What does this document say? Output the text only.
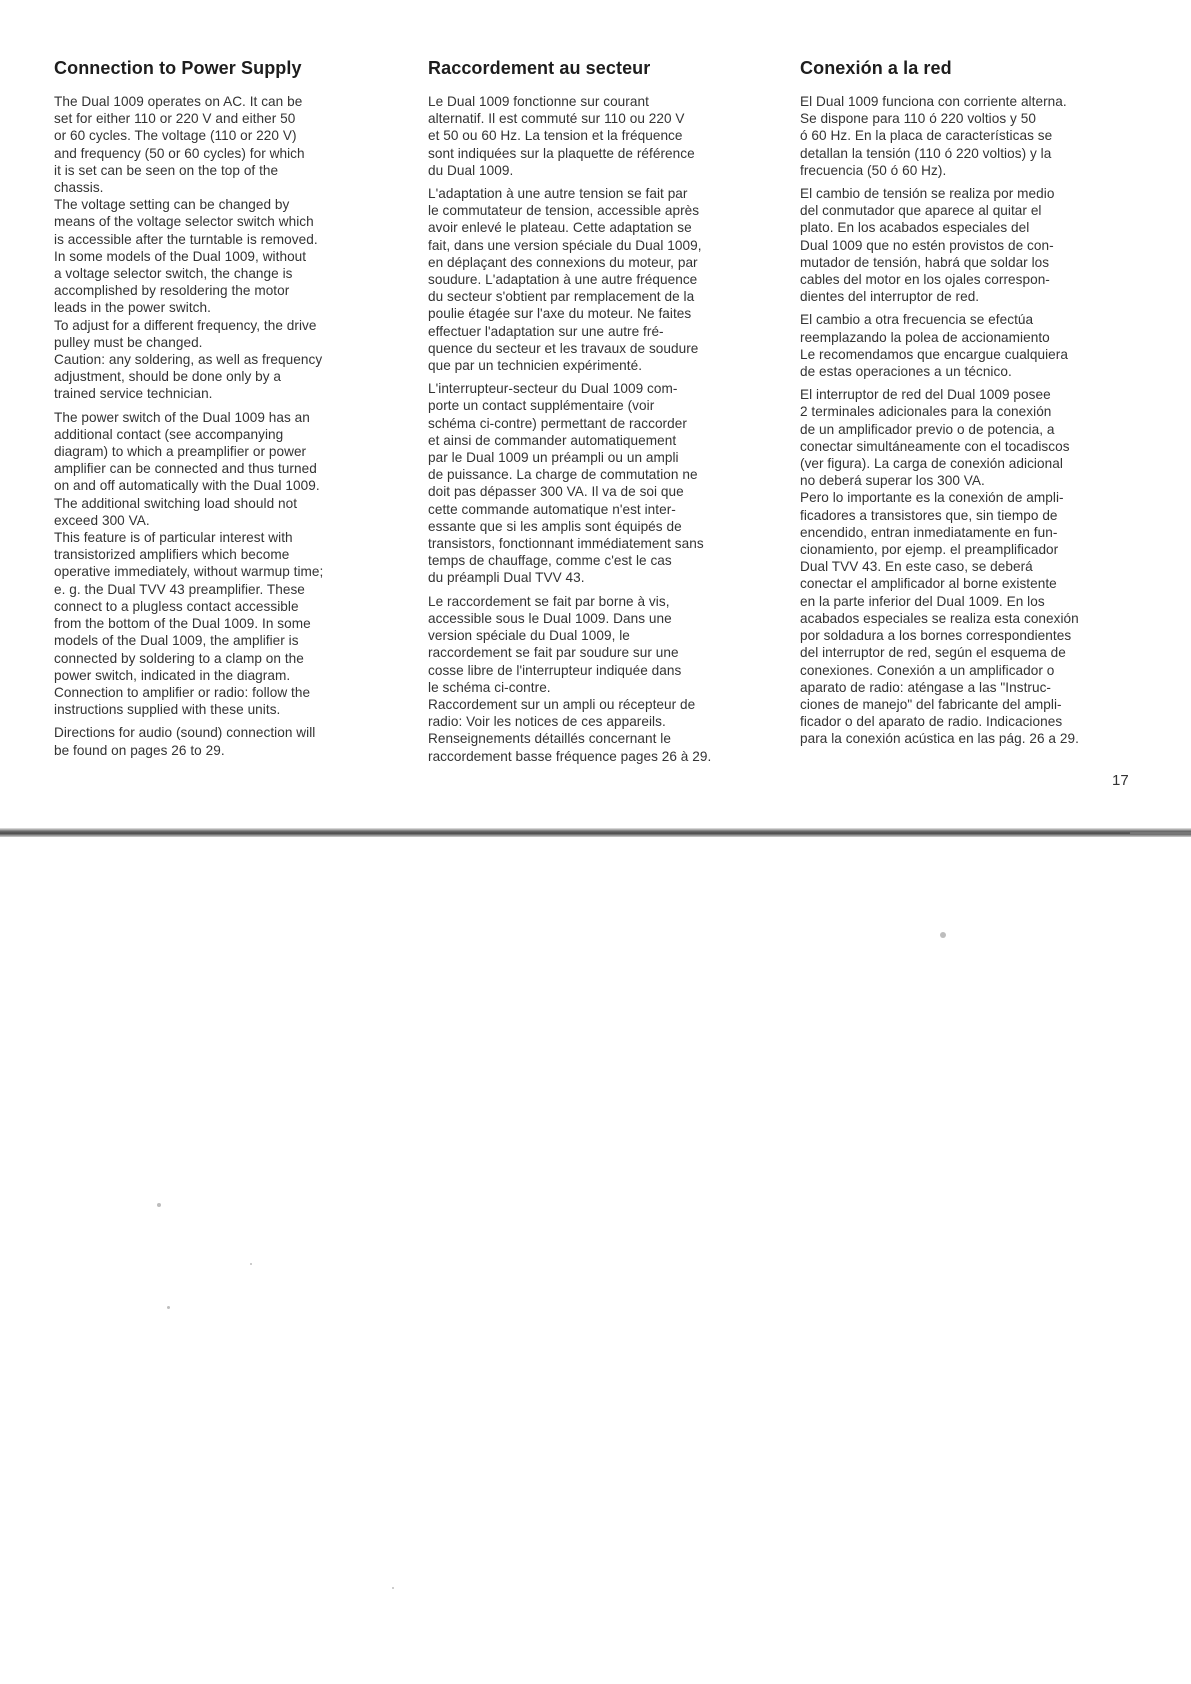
Connection to Power Supply

The Dual 1009 operates on AC. It can be
set for either 110 or 220 V and either 50
or 60 cycles. The voltage (110 or 220 V)
and frequency (50 or 60 cycles) for which
it is set can be seen on the top of the
chassis.
The voltage setting can be changed by
means of the voltage selector switch which
is accessible after the turntable is removed.
In some models of the Dual 1009, without
a voltage selector switch, the change is
accomplished by resoldering the motor
leads in the power switch.
To adjust for a different frequency, the drive
pulley must be changed.
Caution: any soldering, as well as frequency
adjustment, should be done only by a
trained service technician.

The power switch of the Dual 1009 has an
additional contact (see accompanying
diagram) to which a preamplifier or power
amplifier can be connected and thus turned
on and off automatically with the Dual 1009.
The additional switching load should not
exceed 300 VA.
This feature is of particular interest with
transistorized amplifiers which become
operative immediately, without warmup time;
e. g. the Dual TVV 43 preamplifier. These
connect to a plugless contact accessible
from the bottom of the Dual 1009. In some
models of the Dual 1009, the amplifier is
connected by soldering to a clamp on the
power switch, indicated in the diagram.
Connection to amplifier or radio: follow the
instructions supplied with these units.

Directions for audio (sound) connection will
be found on pages 26 to 29.

Raccordement au secteur

Le Dual 1009 fonctionne sur courant
alternatif. Il est commuté sur 110 ou 220 V
et 50 ou 60 Hz. La tension et la fréquence
sont indiquées sur la plaquette de référence
du Dual 1009.

L'adaptation à une autre tension se fait par
le commutateur de tension, accessible après
avoir enlevé le plateau. Cette adaptation se
fait, dans une version spéciale du Dual 1009,
en déplaçant des connexions du moteur, par
soudure. L'adaptation à une autre fréquence
du secteur s'obtient par remplacement de la
poulie étagée sur l'axe du moteur. Ne faites
effectuer l'adaptation sur une autre fré-
quence du secteur et les travaux de soudure
que par un technicien expérimenté.

L'interrupteur-secteur du Dual 1009 com-
porte un contact supplémentaire (voir
schéma ci-contre) permettant de raccorder
et ainsi de commander automatiquement
par le Dual 1009 un préampli ou un ampli
de puissance. La charge de commutation ne
doit pas dépasser 300 VA. Il va de soi que
cette commande automatique n'est inter-
essante que si les amplis sont équipés de
transistors, fonctionnant immédiatement sans
temps de chauffage, comme c'est le cas
du préampli Dual TVV 43.

Le raccordement se fait par borne à vis,
accessible sous le Dual 1009. Dans une
version spéciale du Dual 1009, le
raccordement se fait par soudure sur une
cosse libre de l'interrupteur indiquée dans
le schéma ci-contre.
Raccordement sur un ampli ou récepteur de
radio: Voir les notices de ces appareils.
Renseignements détaillés concernant le
raccordement basse fréquence pages 26 à 29.

Conexión a la red

El Dual 1009 funciona con corriente alterna.
Se dispone para 110 ó 220 voltios y 50
ó 60 Hz. En la placa de características se
detallan la tensión (110 ó 220 voltios) y la
frecuencia (50 ó 60 Hz).

El cambio de tensión se realiza por medio
del conmutador que aparece al quitar el
plato. En los acabados especiales del
Dual 1009 que no estén provistos de con-
mutador de tensión, habrá que soldar los
cables del motor en los ojales correspon-
dientes del interruptor de red.

El cambio a otra frecuencia se efectúa
reemplazando la polea de accionamiento
Le recomendamos que encargue cualquiera
de estas operaciones a un técnico.

El interruptor de red del Dual 1009 posee
2 terminales adicionales para la conexión
de un amplificador previo o de potencia, a
conectar simultáneamente con el tocadiscos
(ver figura). La carga de conexión adicional
no deberá superar los 300 VA.
Pero lo importante es la conexión de ampli-
ficadores a transistores que, sin tiempo de
encendido, entran inmediatamente en fun-
cionamiento, por ejemp. el preamplificador
Dual TVV 43. En este caso, se deberá
conectar el amplificador al borne existente
en la parte inferior del Dual 1009. En los
acabados especiales se realiza esta conexión
por soldadura a los bornes correspondientes
del interruptor de red, según el esquema de
conexiones. Conexión a un amplificador o
aparato de radio: aténgase a las "Instruc-
ciones de manejo" del fabricante del ampli-
ficador o del aparato de radio. Indicaciones
para la conexión acústica en las pág. 26 a 29.

17
